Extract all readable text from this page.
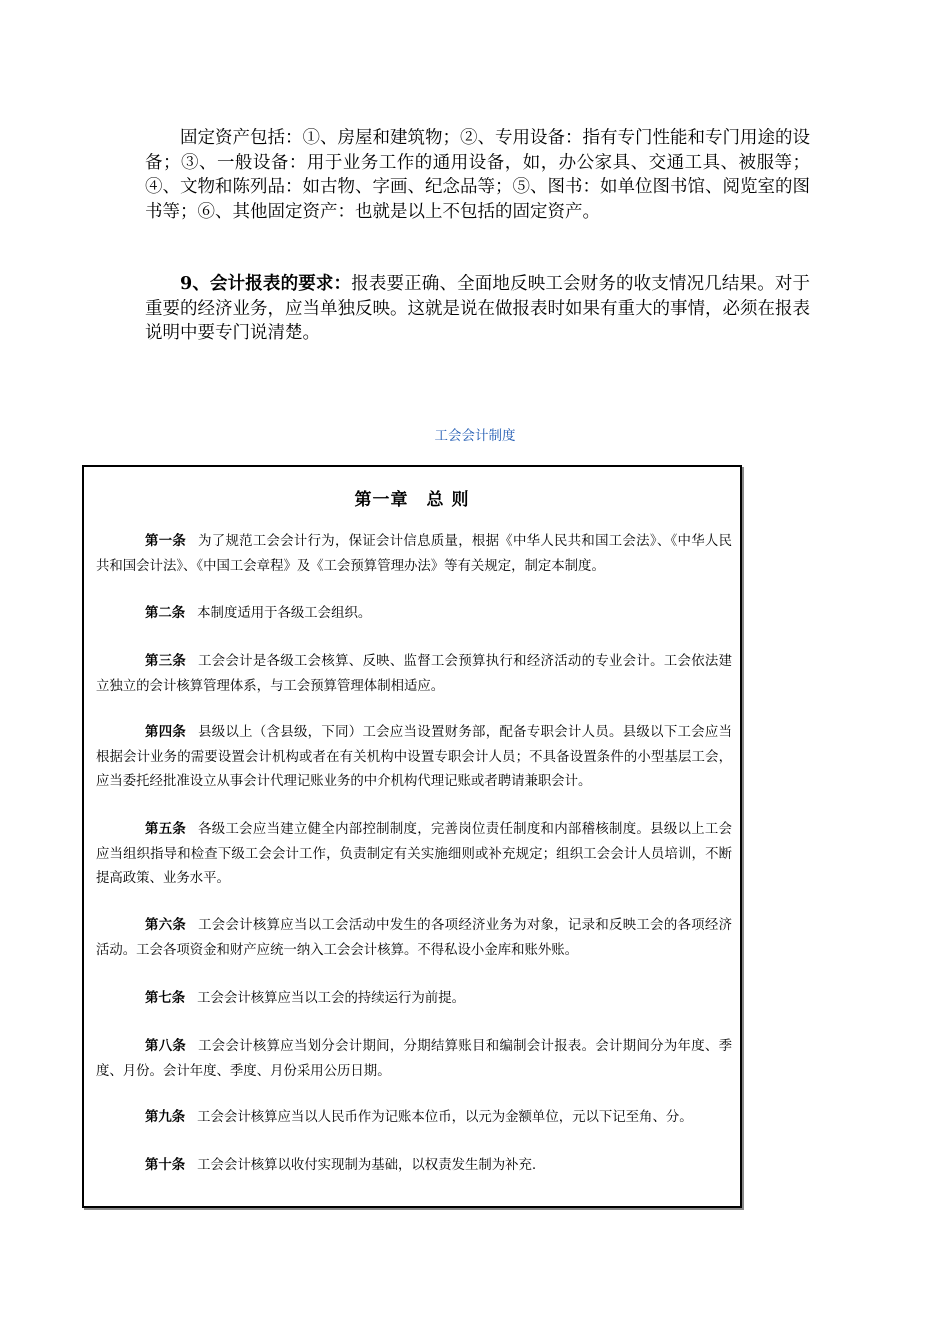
固定资产包括：①、房屋和建筑物；②、专用设备：指有专门性能和专门用途的设备；③、一般设备：用于业务工作的通用设备，如，办公家具、交通工具、被服等；④、文物和陈列品：如古物、字画、纪念品等；⑤、图书：如单位图书馆、阅览室的图书等；⑥、其他固定资产：也就是以上不包括的固定资产。

9、会计报表的要求：报表要正确、全面地反映工会财务的收支情况几结果。对于重要的经济业务，应当单独反映。这就是说在做报表时如果有重大的事情，必须在报表说明中要专门说清楚。

工会会计制度
第一章　总 则

第一条 为了规范工会会计行为，保证会计信息质量，根据《中华人民共和国工会法》、《中华人民共和国会计法》、《中国工会章程》及《工会预算管理办法》等有关规定，制定本制度。

第二条 本制度适用于各级工会组织。

第三条 工会会计是各级工会核算、反映、监督工会预算执行和经济活动的专业会计。工会依法建立独立的会计核算管理体系，与工会预算管理体制相适应。

第四条 县级以上（含县级，下同）工会应当设置财务部，配备专职会计人员。县级以下工会应当根据会计业务的需要设置会计机构或者在有关机构中设置专职会计人员；不具备设置条件的小型基层工会，应当委托经批准设立从事会计代理记账业务的中介机构代理记账或者聘请兼职会计。

第五条 各级工会应当建立健全内部控制制度，完善岗位责任制度和内部稽核制度。县级以上工会应当组织指导和检查下级工会会计工作，负责制定有关实施细则或补充规定；组织工会会计人员培训，不断提高政策、业务水平。

第六条 工会会计核算应当以工会活动中发生的各项经济业务为对象，记录和反映工会的各项经济活动。工会各项资金和财产应统一纳入工会会计核算。不得私设小金库和账外账。

第七条 工会会计核算应当以工会的持续运行为前提。

第八条 工会会计核算应当划分会计期间，分期结算账目和编制会计报表。会计期间分为年度、季度、月份。会计年度、季度、月份采用公历日期。

第九条 工会会计核算应当以人民币作为记账本位币，以元为金额单位，元以下记至角、分。

第十条 工会会计核算以收付实现制为基础，以权责发生制为补充.
